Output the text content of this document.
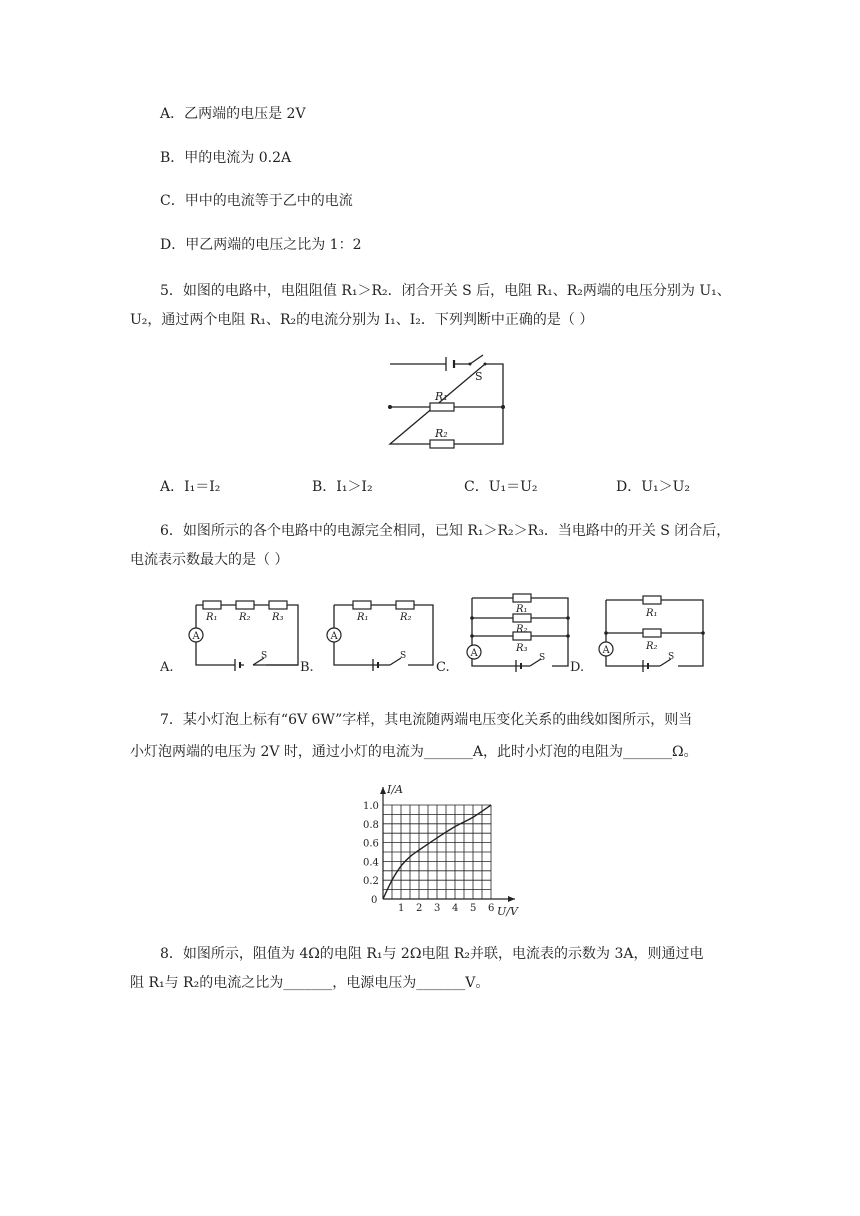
A．乙两端的电压是 2V
B．甲的电流为 0.2A
C．甲中的电流等于乙中的电流
D．甲乙两端的电压之比为 1：2
5．如图的电路中，电阻阻值 R₁＞R₂．闭合开关 S 后，电阻 R₁、R₂两端的电压分别为 U₁、
U₂，通过两个电阻 R₁、R₂的电流分别为 I₁、I₂．下列判断中正确的是（ ）
S
R₁
R₂
A．I₁＝I₂	B．I₁＞I₂	C．U₁＝U₂	D．U₁＞U₂
6．如图所示的各个电路中的电源完全相同，已知 R₁＞R₂＞R₃．当电路中的开关 S 闭合后，
电流表示数最大的是（ ）
A.
R₁ R₂ R₃
A
S
B.
R₁	R₂
A
S
C.
R₁
R₂
R₃
A	S
D.
R₁
R₂
A
S
7．某小灯泡上标有“6V 6W”字样，其电流随两端电压变化关系的曲线如图所示，则当
小灯泡两端的电压为 2V 时，通过小灯的电流为_______A，此时小灯泡的电阻为_______Ω。
1 2 3 4 5 6
0.2
0.4
0.6
0.8
1.0
I/A
U/V
0
8．如图所示，阻值为 4Ω的电阻 R₁与 2Ω电阻 R₂并联，电流表的示数为 3A，则通过电
阻 R₁与 R₂的电流之比为_______，电源电压为_______V。
